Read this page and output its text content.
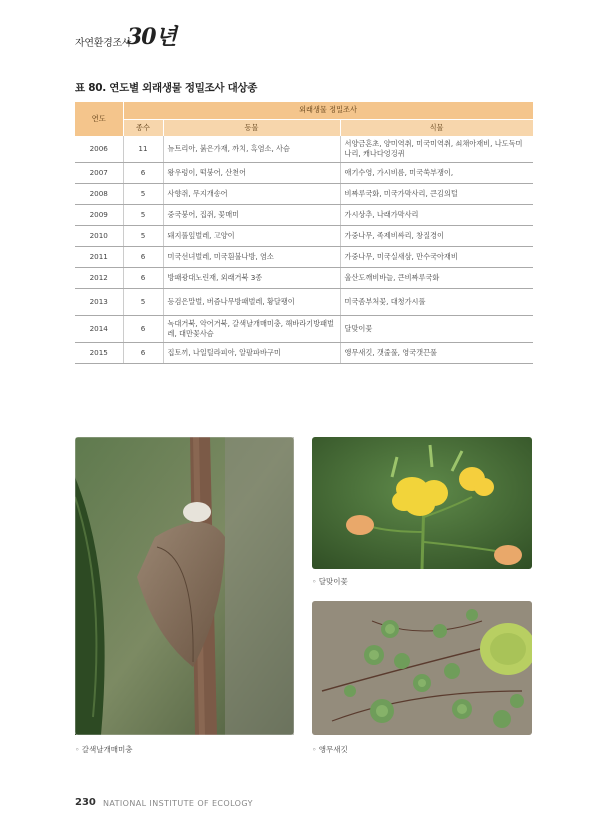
자연환경조사
30년
표 80. 연도별 외래생물 정밀조사 대상종
연도	외래생물 정밀조사		
	종수	동물	식물
2006	11	뉴트리아, 붉은가재, 까치, 흑염소, 사슴	서양금혼초, 양미역취, 미국미역취, 쇠채아재비, 나도독미나리, 캐나다엉겅퀴
2007	6	왕우렁이, 떡붕어, 산천어	애기수영, 가시비름, 미국쑥부쟁이,
2008	5	사향쥐, 무지개송어	비짜루국화, 미국가막사리, 큰김의털
2009	5	중국붕어, 집쥐, 꽃매미	가시상추, 나래가막사리
2010	5	돼지풀잎벌레, 고양이	가중나무, 족제비싸리, 창질경이
2011	6	미국선녀벌레, 미국흰불나방, 염소	가중나무, 미국실새삼, 만수국아재비
2012	6	방패광대노린재, 외래거북 3종	울산도깨비바늘, 큰비짜루국화
2013	5	등검은말벌, 버즘나무방패벌레, 황달팽이	미국좀부처꽃, 대청가시풀
2014	6	녹대거북, 악어거북, 갈색날개매미충, 해바라기방패벌레, 대만꽃사슴	달맞이꽃
2015	6	집토끼, 나일틸라피아, 알팔파바구미	앵무새깃, 갯줄풀, 영국갯끈풀
◦ 갈색날개매미충
◦ 달맞이꽃
◦ 앵무새깃
230 NATIONAL INSTITUTE OF ECOLOGY
